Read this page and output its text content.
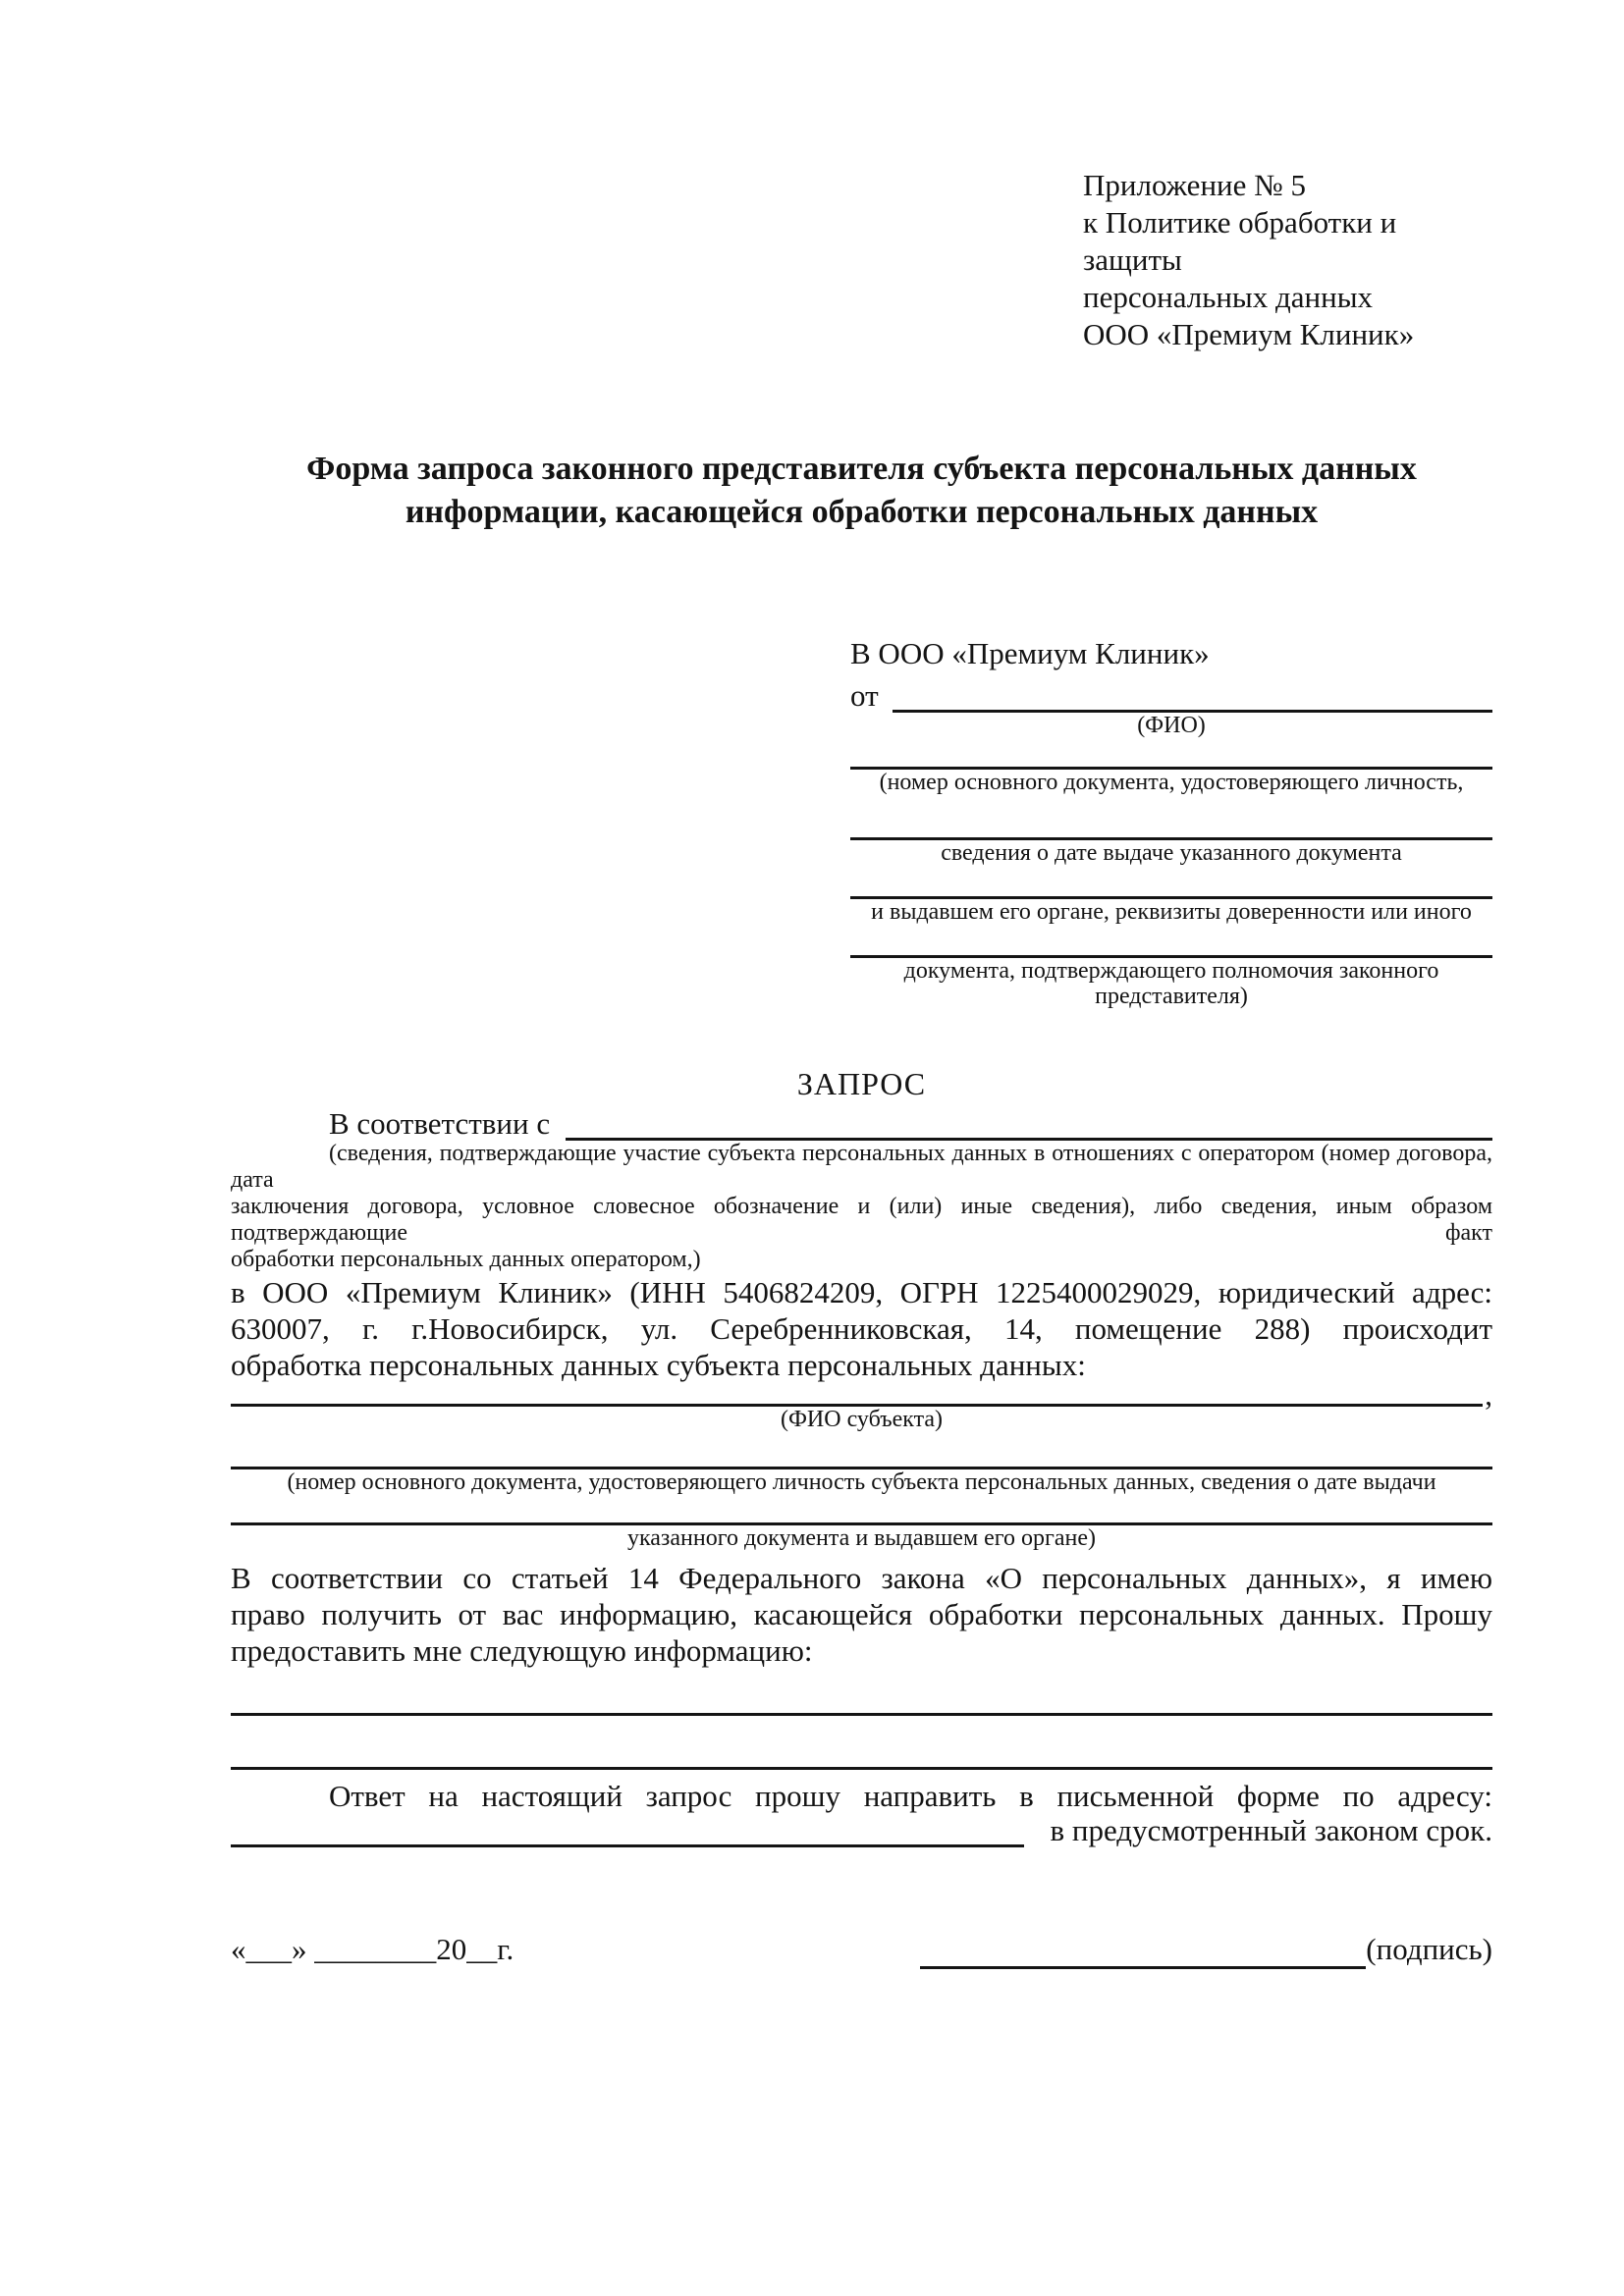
Приложение № 5
к Политике обработки и защиты
персональных данных
ООО «Премиум Клиник»
Форма запроса законного представителя субъекта персональных данных
информации, касающейся обработки персональных данных
В ООО «Премиум Клиник»
от
(ФИО)
(номер основного документа, удостоверяющего личность,
сведения о дате выдаче указанного документа
и выдавшем его органе, реквизиты доверенности или иного
документа, подтверждающего полномочия законного представителя)
ЗАПРОС
В соответствии с
(сведения, подтверждающие участие субъекта персональных данных в отношениях с оператором (номер договора, дата
заключения договора, условное словесное обозначение и (или) иные сведения), либо сведения, иным образом подтверждающие факт
обработки персональных данных оператором,)
в ООО «Премиум Клиник» (ИНН 5406824209, ОГРН 1225400029029, юридический адрес:
630007, г. г.Новосибирск, ул. Серебренниковская, 14, помещение 288) происходит
обработка персональных данных субъекта персональных данных:
,
(ФИО субъекта)
(номер основного документа, удостоверяющего личность субъекта персональных данных, сведения о дате выдачи
указанного документа и выдавшем его органе)
В соответствии со статьей 14 Федерального закона «О персональных данных», я имею
право получить от вас информацию, касающейся обработки персональных данных. Прошу
предоставить мне следующую информацию:
Ответ на настоящий запрос прошу направить в письменной форме по адресу:
в предусмотренный законом срок.
«___» ________20__г.	(подпись)
